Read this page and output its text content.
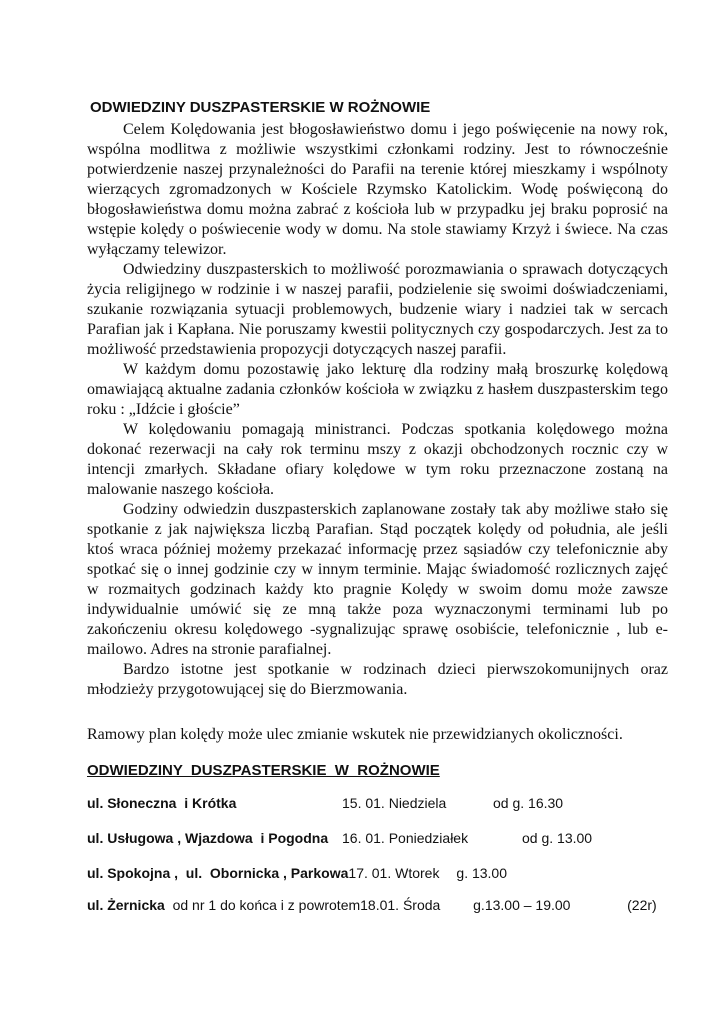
ODWIEDZINY DUSZPASTERSKIE W ROŻNOWIE

Celem Kolędowania jest błogosławieństwo domu i jego poświęcenie na nowy rok, wspólna modlitwa z możliwie wszystkimi członkami rodziny. Jest to równocześnie potwierdzenie naszej przynależności do Parafii na terenie której mieszkamy i wspólnoty wierzących zgromadzonych w Kościele Rzymsko Katolickim. Wodę poświęconą do błogosławieństwa domu można zabrać z kościoła lub w przypadku jej braku poprosić na wstępie kolędy o poświecenie wody w domu. Na stole stawiamy Krzyż i świece. Na czas wyłączamy telewizor.

Odwiedziny duszpasterskich to możliwość porozmawiania o sprawach dotyczących życia religijnego w rodzinie i w naszej parafii, podzielenie się swoimi doświadczeniami, szukanie rozwiązania sytuacji problemowych, budzenie wiary i nadziei tak w sercach Parafian jak i Kapłana. Nie poruszamy kwestii politycznych czy gospodarczych. Jest za to możliwość przedstawienia propozycji dotyczących naszej parafii.

W każdym domu pozostawię jako lekturę dla rodziny małą broszurkę kolędową omawiającą aktualne zadania członków kościoła w związku z hasłem duszpasterskim tego roku : „Idźcie i głoście”

W kolędowaniu pomagają ministranci. Podczas spotkania kolędowego można dokonać rezerwacji na cały rok terminu mszy z okazji obchodzonych rocznic czy w intencji zmarłych. Składane ofiary kolędowe w tym roku przeznaczone zostaną na malowanie naszego kościoła.

Godziny odwiedzin duszpasterskich zaplanowane zostały tak aby możliwe stało się spotkanie z jak największa liczbą Parafian. Stąd początek kolędy od południa, ale jeśli ktoś wraca później możemy przekazać informację przez sąsiadów czy telefonicznie aby spotkać się o innej godzinie czy w innym terminie. Mając świadomość rozlicznych zajęć w rozmaitych godzinach każdy kto pragnie Kolędy w swoim domu może zawsze indywidualnie umówić się ze mną także poza wyznaczonymi terminami lub po zakończeniu okresu kolędowego -sygnalizując sprawę osobiście, telefonicznie , lub e-mailowo. Adres na stronie parafialnej.

Bardzo istotne jest spotkanie w rodzinach dzieci pierwszokomunijnych oraz młodzieży przygotowującej się do Bierzmowania.

Ramowy plan kolędy może ulec zmianie wskutek nie przewidzianych okoliczności.

ODWIEDZINY  DUSZPASTERSKIE  W  ROŻNOWIE
ul. Słoneczna  i Krótka	15. 01. Niedziela	od g. 16.30
ul. Usługowa , Wjazdowa  i Pogodna 16. 01. Poniedziałek	od g. 13.00
ul. Spokojna ,  ul.  Obornicka , Parkowa 17. 01. Wtorek	g. 13.00
ul. Żernicka  od nr 1 do końca i z powrotem 18.01. Środa	g.13.00 – 19.00	(22r)
